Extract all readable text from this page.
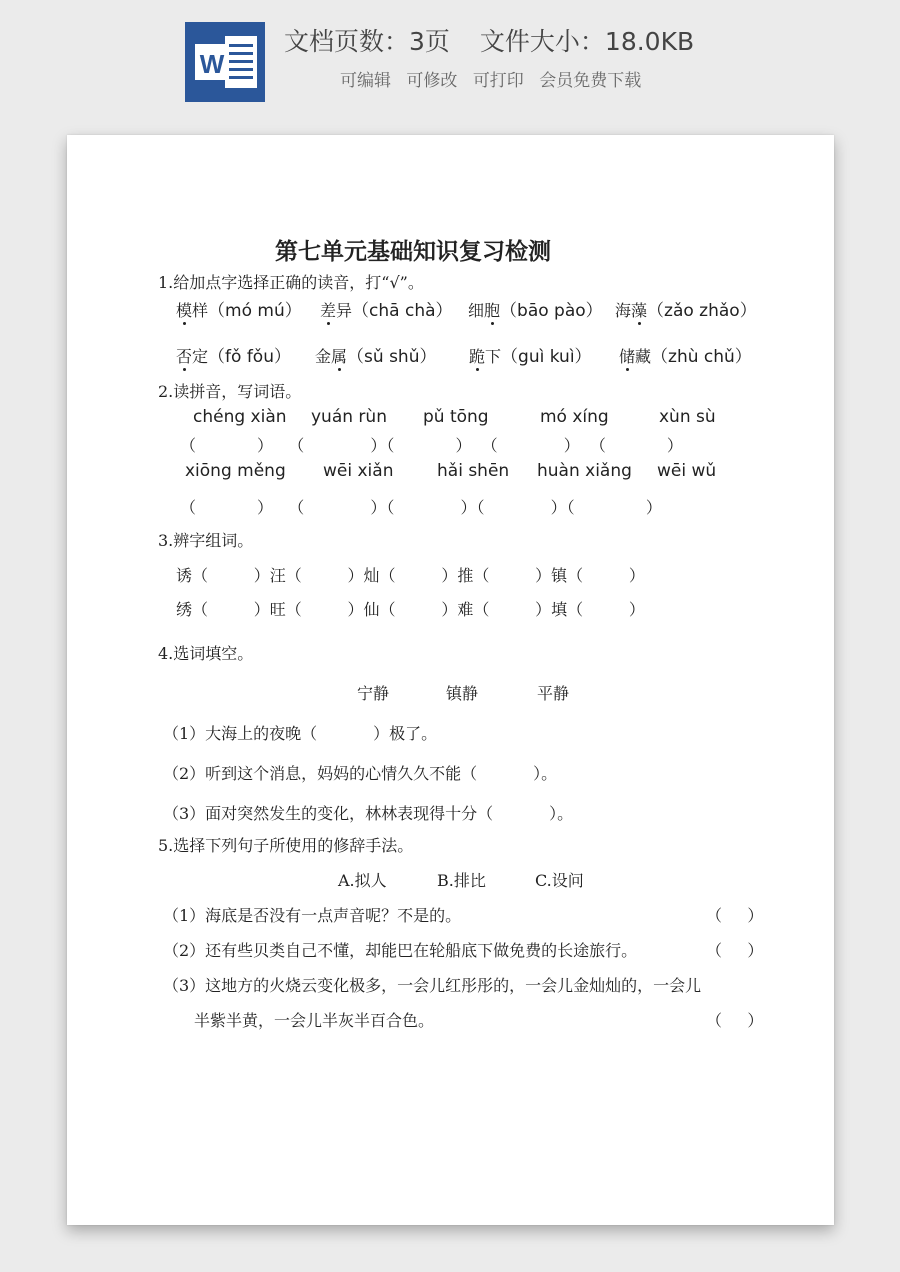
W
文档页数：3页 文件大小：18.0KB
可编辑 可修改 可打印 会员免费下载
第七单元基础知识复习检测
1.给加点字选择正确的读音，打“√”。
模样（mó mú） 差异（chā chà） 细胞（bāo pào） 海藻（zǎo zhǎo）
否定（fǒ fǒu） 金属（sǔ shǔ） 跪下（guì kuì） 储藏（zhù chǔ）
2.读拼音，写词语。
chéng xiàn yuán rùn pǔ tōng	mó xíng	xùn sù
（            ）   （             ）（            ）  （             ）  （            ）
xiōng měng wēi xiǎn	hǎi shēn huàn xiǎng wēi wǔ
（            ）   （             ）（             ）（             ）（              ）
3.辨字组词。
诱（         ）汪（         ）灿（         ）推（         ）镇（         ）
绣（         ）旺（         ）仙（         ）难（         ）填（         ）
4.选词填空。
宁静	镇静	平静
（1）大海上的夜晚（           ）极了。
（2）听到这个消息，妈妈的心情久久不能（           ）。
（3）面对突然发生的变化，林林表现得十分（           ）。
5.选择下列句子所使用的修辞手法。
A.拟人	B.排比	C.设问
（1）海底是否没有一点声音呢？不是的。	（     ）
（2）还有些贝类自己不懂，却能巴在轮船底下做免费的长途旅行。	（     ）
（3）这地方的火烧云变化极多，一会儿红彤彤的，一会儿金灿灿的，一会儿
半紫半黄，一会儿半灰半百合色。	（     ）
